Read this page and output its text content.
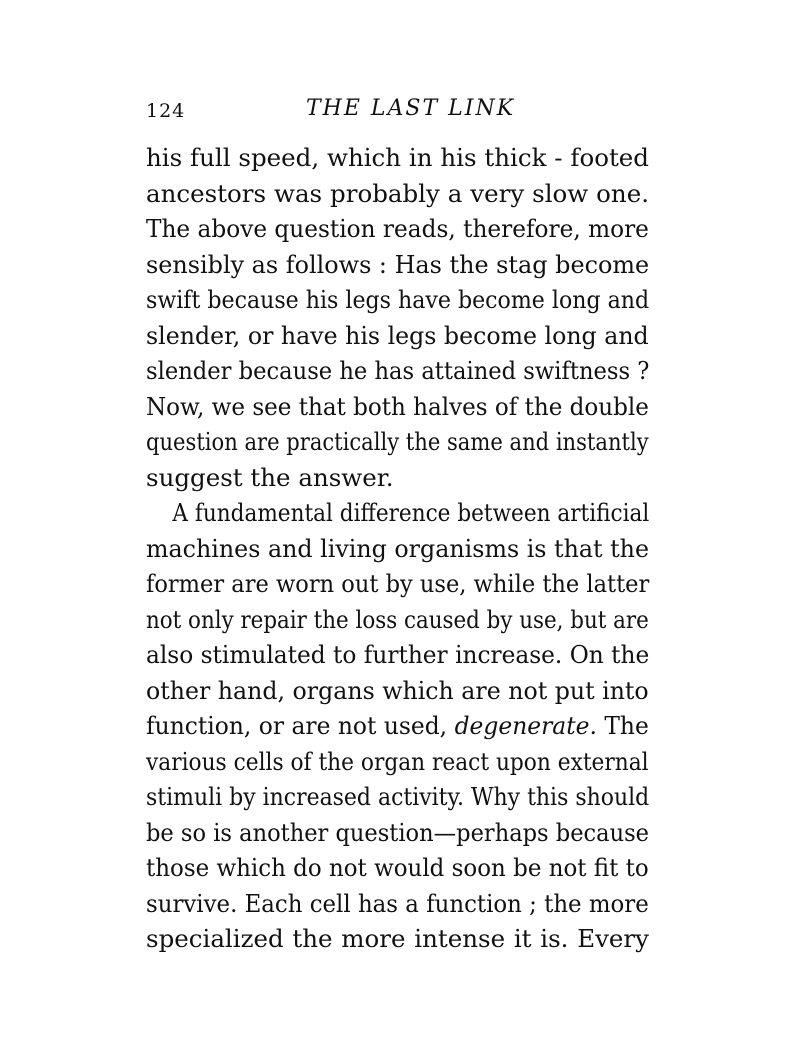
124	THE LAST LINK
his full speed, which in his thick - footed
ancestors was probably a very slow one.
The above question reads, therefore, more
sensibly as follows : Has the stag become
swift because his legs have become long and
slender, or have his legs become long and
slender because he has attained swiftness ?
Now, we see that both halves of the double
question are practically the same and instantly
suggest the answer.
A fundamental difference between artificial
machines and living organisms is that the
former are worn out by use, while the latter
not only repair the loss caused by use, but are
also stimulated to further increase. On the
other hand, organs which are not put into
function, or are not used, degenerate. The
various cells of the organ react upon external
stimuli by increased activity. Why this should
be so is another question—perhaps because
those which do not would soon be not fit to
survive. Each cell has a function ; the more
specialized the more intense it is. Every
